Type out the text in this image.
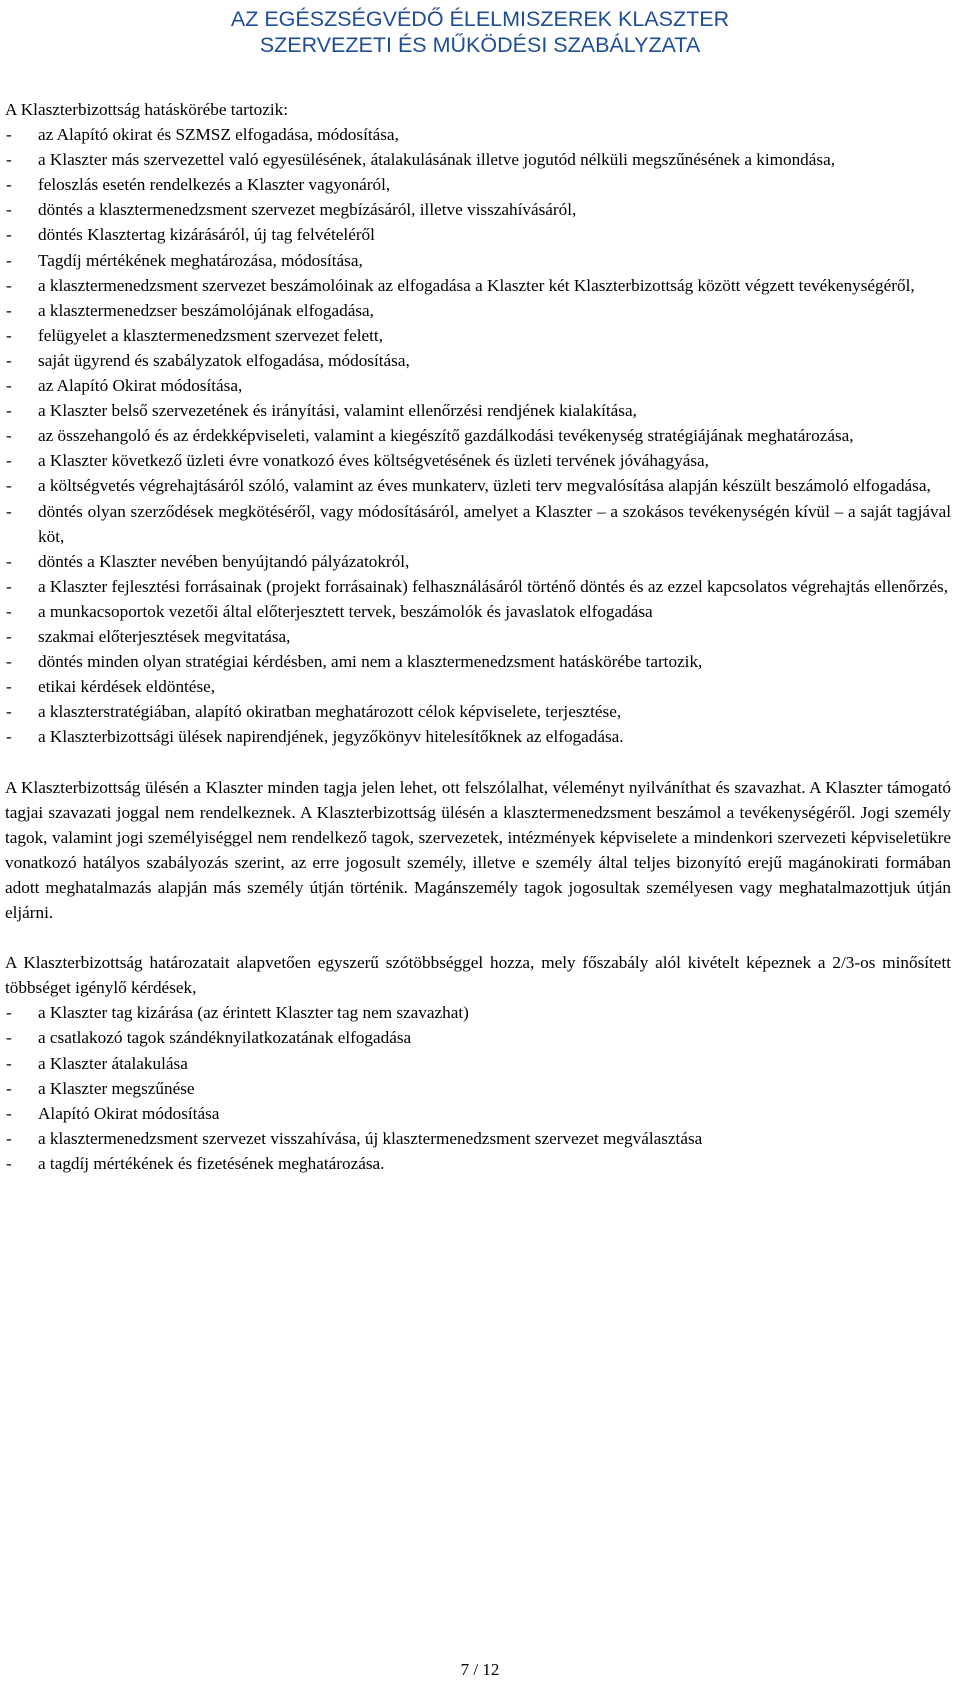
AZ EGÉSZSÉGVÉDŐ ÉLELMISZEREK KLASZTER
SZERVEZETI ÉS MŰKÖDÉSI SZABÁLYZATA
A Klaszterbizottság hatáskörébe tartozik:
- az Alapító okirat és SZMSZ elfogadása, módosítása,
- a Klaszter más szervezettel való egyesülésének, átalakulásának illetve jogutód nélküli megszűnésének a kimondása,
- feloszlás esetén rendelkezés a Klaszter vagyonáról,
- döntés a klasztermenedzsment szervezet megbízásáról, illetve visszahívásáról,
- döntés Klasztertag kizárásáról, új tag felvételéről
- Tagdíj mértékének meghatározása, módosítása,
- a klasztermenedzsment szervezet beszámolóinak az elfogadása a Klaszter két Klaszterbizottság között végzett tevékenységéről,
- a klasztermenedzser beszámolójának elfogadása,
- felügyelet a klasztermenedzsment szervezet felett,
- saját ügyrend és szabályzatok elfogadása, módosítása,
- az Alapító Okirat módosítása,
- a Klaszter belső szervezetének és irányítási, valamint ellenőrzési rendjének kialakítása,
- az összehangoló és az érdekképviseleti, valamint a kiegészítő gazdálkodási tevékenység stratégiájának meghatározása,
- a Klaszter következő üzleti évre vonatkozó éves költségvetésének és üzleti tervének jóváhagyása,
- a költségvetés végrehajtásáról szóló, valamint az éves munkaterv, üzleti terv megvalósítása alapján készült beszámoló elfogadása,
- döntés olyan szerződések megkötéséről, vagy módosításáról, amelyet a Klaszter – a szokásos tevékenységén kívül – a saját tagjával köt,
- döntés a Klaszter nevében benyújtandó pályázatokról,
- a Klaszter fejlesztési forrásainak (projekt forrásainak) felhasználásáról történő döntés és az ezzel kapcsolatos végrehajtás ellenőrzés,
- a munkacsoportok vezetői által előterjesztett tervek, beszámolók és javaslatok elfogadása
- szakmai előterjesztések megvitatása,
- döntés minden olyan stratégiai kérdésben, ami nem a klasztermenedzsment hatáskörébe tartozik,
- etikai kérdések eldöntése,
- a klaszterstratégiában, alapító okiratban meghatározott célok képviselete, terjesztése,
- a Klaszterbizottsági ülések napirendjének, jegyzőkönyv hitelesítőknek az elfogadása.

A Klaszterbizottság ülésén a Klaszter minden tagja jelen lehet, ott felszólalhat, véleményt nyilváníthat és szavazhat. A Klaszter támogató tagjai szavazati joggal nem rendelkeznek. A Klaszterbizottság ülésén a klasztermenedzsment beszámol a tevékenységéről. Jogi személy tagok, valamint jogi személyiséggel nem rendelkező tagok, szervezetek, intézmények képviselete a mindenkori szervezeti képviseletükre vonatkozó hatályos szabályozás szerint, az erre jogosult személy, illetve e személy által teljes bizonyító erejű magánokirati formában adott meghatalmazás alapján más személy útján történik. Magánszemély tagok jogosultak személyesen vagy meghatalmazottjuk útján eljárni.

A Klaszterbizottság határozatait alapvetően egyszerű szótöbbséggel hozza, mely főszabály alól kivételt képeznek a 2/3-os minősített többséget igénylő kérdések,

- a Klaszter tag kizárása (az érintett Klaszter tag nem szavazhat)
- a csatlakozó tagok szándéknyilatkozatának elfogadása
- a Klaszter átalakulása
- a Klaszter megszűnése
- Alapító Okirat módosítása
- a klasztermenedzsment szervezet visszahívása, új klasztermenedzsment szervezet megválasztása
- a tagdíj mértékének és fizetésének meghatározása.
7 / 12
